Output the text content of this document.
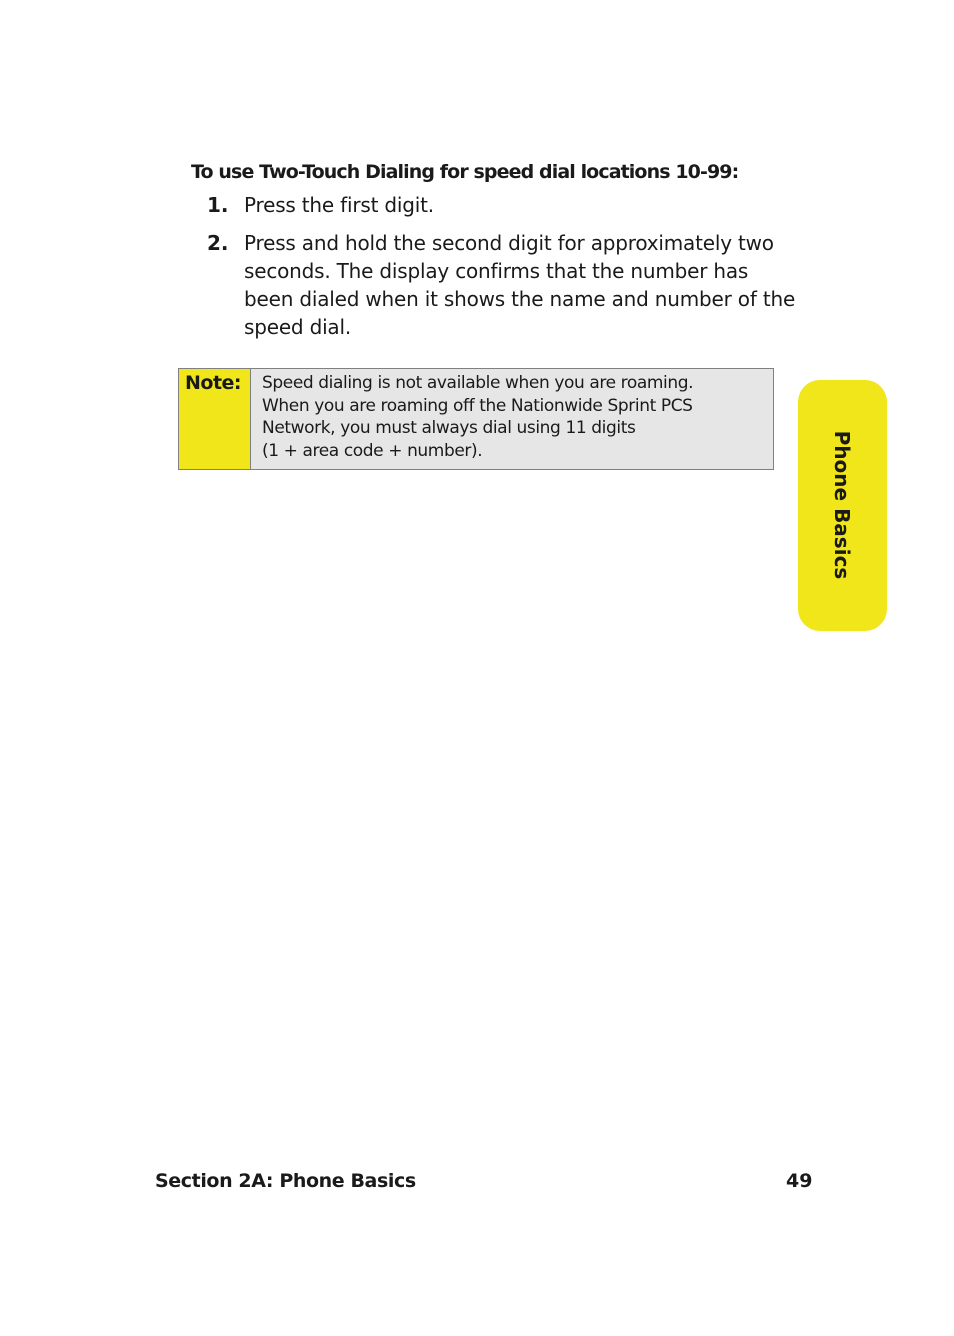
To use Two-Touch Dialing for speed dial locations 10-99:
1. Press the first digit.
2. Press and hold the second digit for approximately two seconds. The display confirms that the number has been dialed when it shows the name and number of the speed dial.
Note:	Speed dialing is not available when you are roaming.
When you are roaming off the Nationwide Sprint PCS
Network, you must always dial using 11 digits
(1 + area code + number).	Phone Basics
Section 2A: Phone Basics	49
